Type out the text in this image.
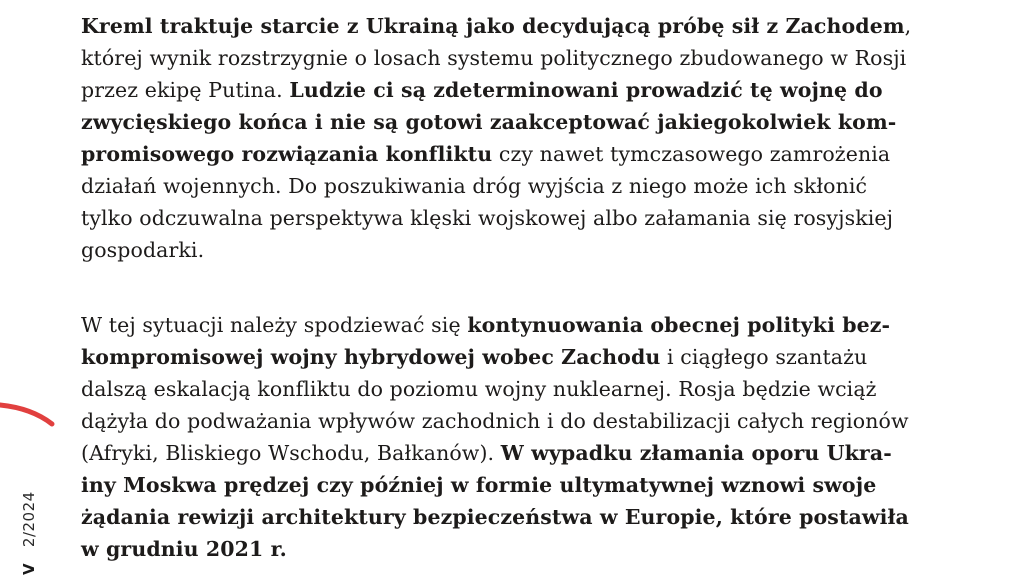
Kreml traktuje starcie z Ukrainą jako decydującą próbę sił z Zachodem,
której wynik rozstrzygnie o losach systemu politycznego zbudowanego w Rosji
przez ekipę Putina. Ludzie ci są zdeterminowani prowadzić tę wojnę do
zwycięskiego końca i nie są gotowi zaakceptować jakiegokolwiek kom-
promisowego rozwiązania konfliktu czy nawet tymczasowego zamrożenia
działań wojennych. Do poszukiwania dróg wyjścia z niego może ich skłonić
tylko odczuwalna perspektywa klęski wojskowej albo załamania się rosyjskiej
gospodarki.
W tej sytuacji należy spodziewać się kontynuowania obecnej polityki bez-
kompromisowej wojny hybrydowej wobec Zachodu i ciągłego szantażu
dalszą eskalacją konfliktu do poziomu wojny nuklearnej. Rosja będzie wciąż
dążyła do podważania wpływów zachodnich i do destabilizacji całych regionów
(Afryki, Bliskiego Wschodu, Bałkanów). W wypadku złamania oporu Ukra-
iny Moskwa prędzej czy później w formie ultymatywnej wznowi swoje
żądania rewizji architektury bezpieczeństwa w Europie, które postawiła
w grudniu 2021 r.
V   2/2024
